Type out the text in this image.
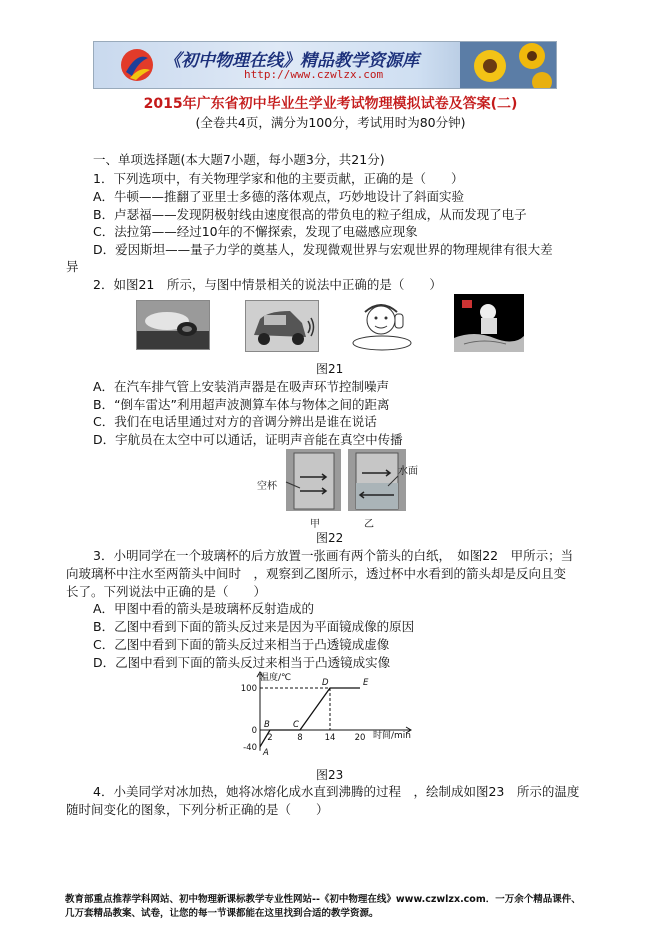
《初中物理在线》精品教学资源库
http://www.czwlzx.com
2015年广东省初中毕业生学业考试物理模拟试卷及答案(二)
(全卷共4页，满分为100分，考试用时为80分钟)
一、单项选择题(本大题7小题，每小题3分，共21分)
1．下列选项中，有关物理学家和他的主要贡献，正确的是（　　）
A．牛顿——推翻了亚里士多德的落体观点，巧妙地设计了斜面实验
B．卢瑟福——发现阴极射线由速度很高的带负电的粒子组成，从而发现了电子
C．法拉第——经过10年的不懈探索，发现了电磁感应现象
D．爱因斯坦——量子力学的奠基人，发现微观世界与宏观世界的物理规律有很大差
异
2．如图21　所示，与图中情景相关的说法中正确的是（　　）
图21
A．在汽车排气管上安装消声器是在吸声环节控制噪声
B．“倒车雷达”利用超声波测算车体与物体之间的距离
C．我们在电话里通过对方的音调分辨出是谁在说话
D．宇航员在太空中可以通话，证明声音能在真空中传播
空杯
水面
甲	乙
图22
3．小明同学在一个玻璃杯的后方放置一张画有两个箭头的白纸，　如图22　甲所示；当
向玻璃杯中注水至两箭头中间时　，观察到乙图所示，透过杯中水看到的箭头却是反向且变
长了。下列说法中正确的是（　　）
A．甲图中看的箭头是玻璃杯反射造成的
B．乙图中看到下面的箭头反过来是因为平面镜成像的原因
C．乙图中看到下面的箭头反过来相当于凸透镜成虚像
D．乙图中看到下面的箭头反过来相当于凸透镜成实像
100
0
-40
2	8	14 20
A
B	C
D	E
温度/℃
时间/min
图23
4．小美同学对冰加热，她将冰熔化成水直到沸腾的过程　，绘制成如图23　所示的温度
随时间变化的图象，下列分析正确的是（　　）
教育部重点推荐学科网站、初中物理新课标教学专业性网站--《初中物理在线》www.czwlzx.com．一万余个精品课件、
几万套精品教案、试卷，让您的每一节课都能在这里找到合适的教学资源。
